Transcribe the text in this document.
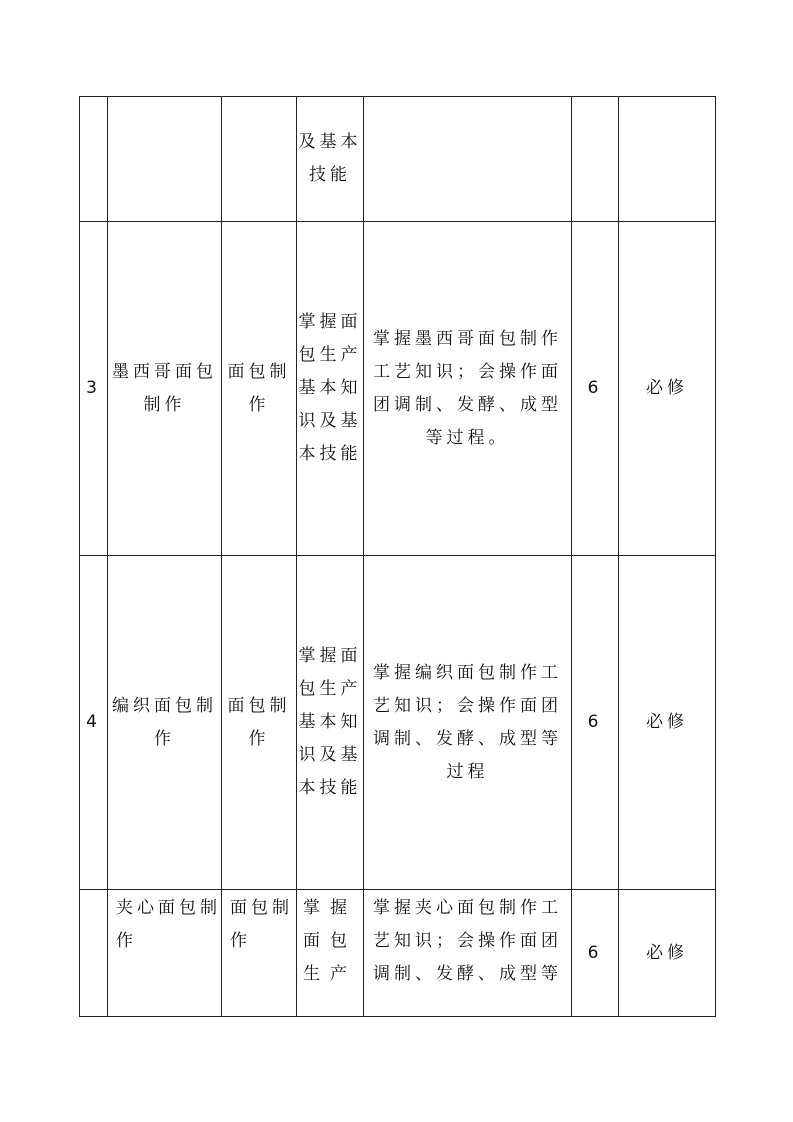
			及基本技能			
3	墨西哥面包制作	面包制作	掌握面包生产基本知识及基本技能	掌握墨西哥面包制作工艺知识；会操作面团调制、发酵、成型等过程。	6	必修
4	编织面包制作	面包制作	掌握面包生产基本知识及基本技能	掌握编织面包制作工艺知识；会操作面团调制、发酵、成型等过程	6	必修
	夹心面包制作	面包制作	掌握面包生产	掌握夹心面包制作工艺知识；会操作面团调制、发酵、成型等	6	必修
